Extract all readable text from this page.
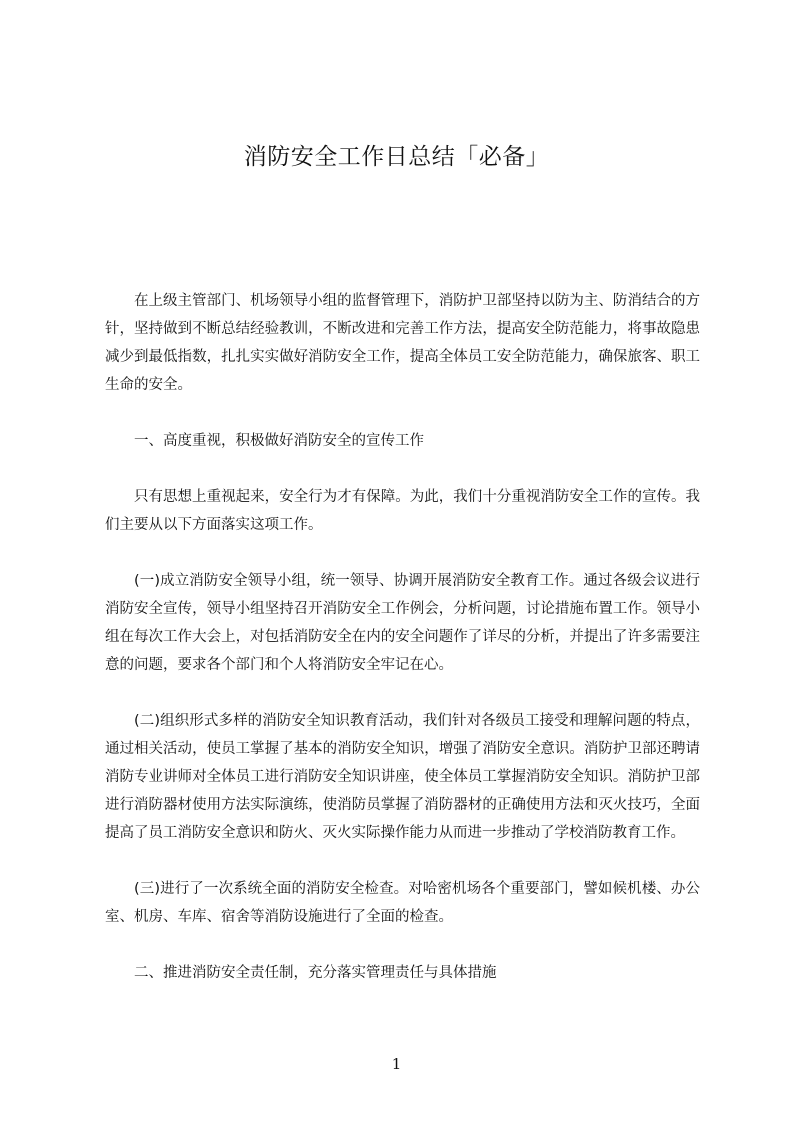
消防安全工作日总结「必备」

在上级主管部门、机场领导小组的监督管理下，消防护卫部坚持以防为主、防消结合的方针，坚持做到不断总结经验教训，不断改进和完善工作方法，提高安全防范能力，将事故隐患减少到最低指数，扎扎实实做好消防安全工作，提高全体员工安全防范能力，确保旅客、职工生命的安全。

一、高度重视，积极做好消防安全的宣传工作

只有思想上重视起来，安全行为才有保障。为此，我们十分重视消防安全工作的宣传。我们主要从以下方面落实这项工作。

(一)成立消防安全领导小组，统一领导、协调开展消防安全教育工作。通过各级会议进行消防安全宣传，领导小组坚持召开消防安全工作例会，分析问题，讨论措施布置工作。领导小组在每次工作大会上，对包括消防安全在内的安全问题作了详尽的分析，并提出了许多需要注意的问题，要求各个部门和个人将消防安全牢记在心。

(二)组织形式多样的消防安全知识教育活动，我们针对各级员工接受和理解问题的特点，通过相关活动，使员工掌握了基本的消防安全知识，增强了消防安全意识。消防护卫部还聘请消防专业讲师对全体员工进行消防安全知识讲座，使全体员工掌握消防安全知识。消防护卫部进行消防器材使用方法实际演练，使消防员掌握了消防器材的正确使用方法和灭火技巧，全面提高了员工消防安全意识和防火、灭火实际操作能力从而进一步推动了学校消防教育工作。

(三)进行了一次系统全面的消防安全检查。对哈密机场各个重要部门，譬如候机楼、办公室、机房、车库、宿舍等消防设施进行了全面的检查。

二、推进消防安全责任制，充分落实管理责任与具体措施

1
